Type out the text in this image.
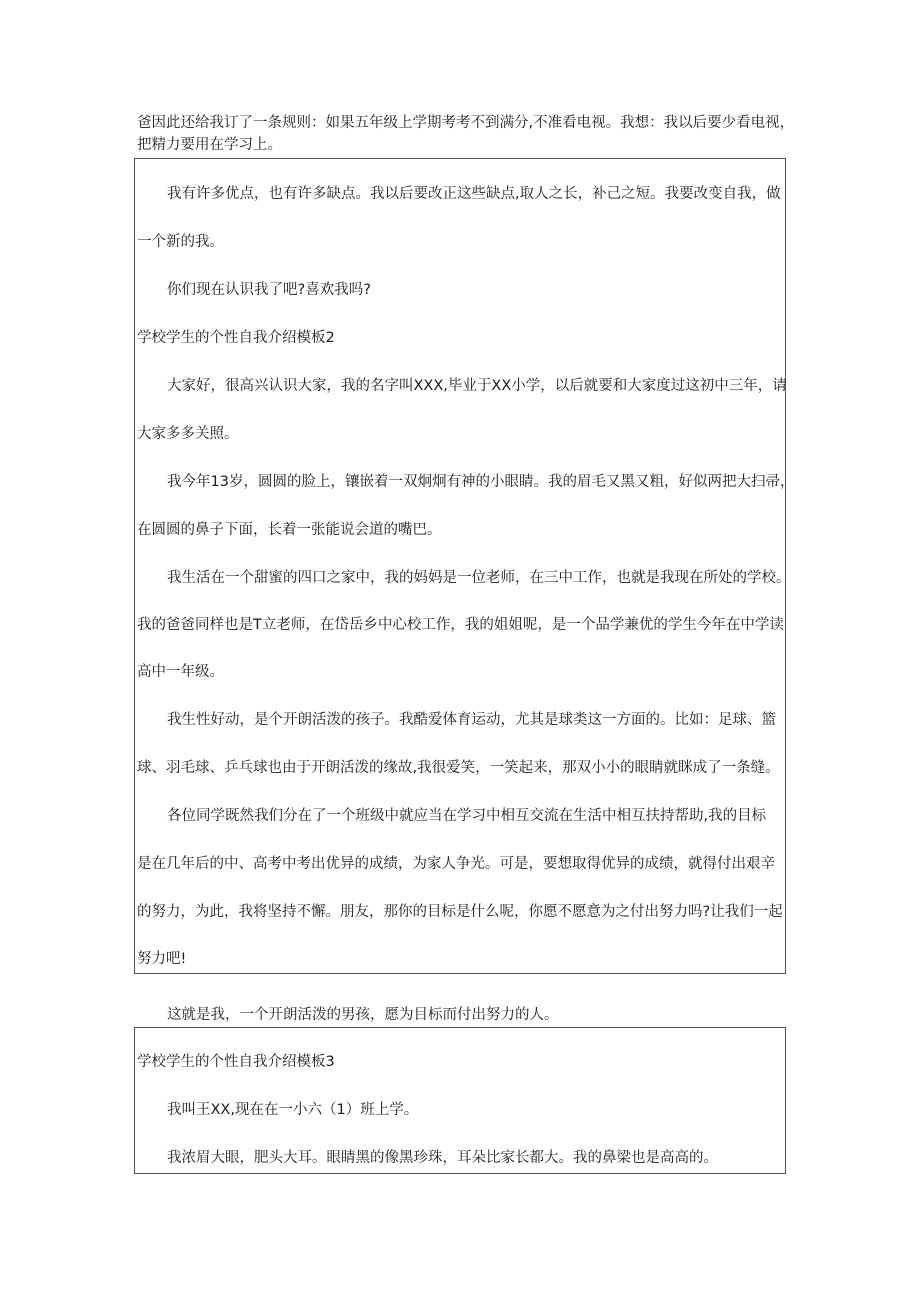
爸因此还给我订了一条规则：如果五年级上学期考考不到满分,不准看电视。我想：我以后要少看电视，

把精力要用在学习上。

我有许多优点，也有许多缺点。我以后要改正这些缺点,取人之长，补己之短。我要改变自我，做

一个新的我。

你们现在认识我了吧?喜欢我吗?

学校学生的个性自我介绍模板2

大家好，很高兴认识大家，我的名字叫XXX,毕业于XX小学，以后就要和大家度过这初中三年，请

大家多多关照。

我今年13岁，圆圆的脸上，镶嵌着一双炯炯有神的小眼睛。我的眉毛又黑又粗，好似两把大扫帚，

在圆圆的鼻子下面，长着一张能说会道的嘴巴。

我生活在一个甜蜜的四口之家中，我的妈妈是一位老师，在三中工作，也就是我现在所处的学校。

我的爸爸同样也是T立老师，在岱岳乡中心校工作，我的姐姐呢，是一个品学兼优的学生今年在中学读

高中一年级。

我生性好动，是个开朗活泼的孩子。我酷爱体育运动，尤其是球类这一方面的。比如：足球、篮

球、羽毛球、乒乓球也由于开朗活泼的缘故,我很爱笑，一笑起来，那双小小的眼睛就眯成了一条缝。

各位同学既然我们分在了一个班级中就应当在学习中相互交流在生活中相互扶持帮助,我的目标

是在几年后的中、高考中考出优异的成绩，为家人争光。可是，要想取得优异的成绩，就得付出艰辛

的努力，为此，我将坚持不懈。朋友，那你的目标是什么呢，你愿不愿意为之付出努力吗?让我们一起

努力吧!

这就是我，一个开朗活泼的男孩，愿为目标而付出努力的人。

学校学生的个性自我介绍模板3

我叫王XX,现在在一小六（1）班上学。

我浓眉大眼，肥头大耳。眼睛黑的像黑珍珠，耳朵比家长都大。我的鼻梁也是高高的。
